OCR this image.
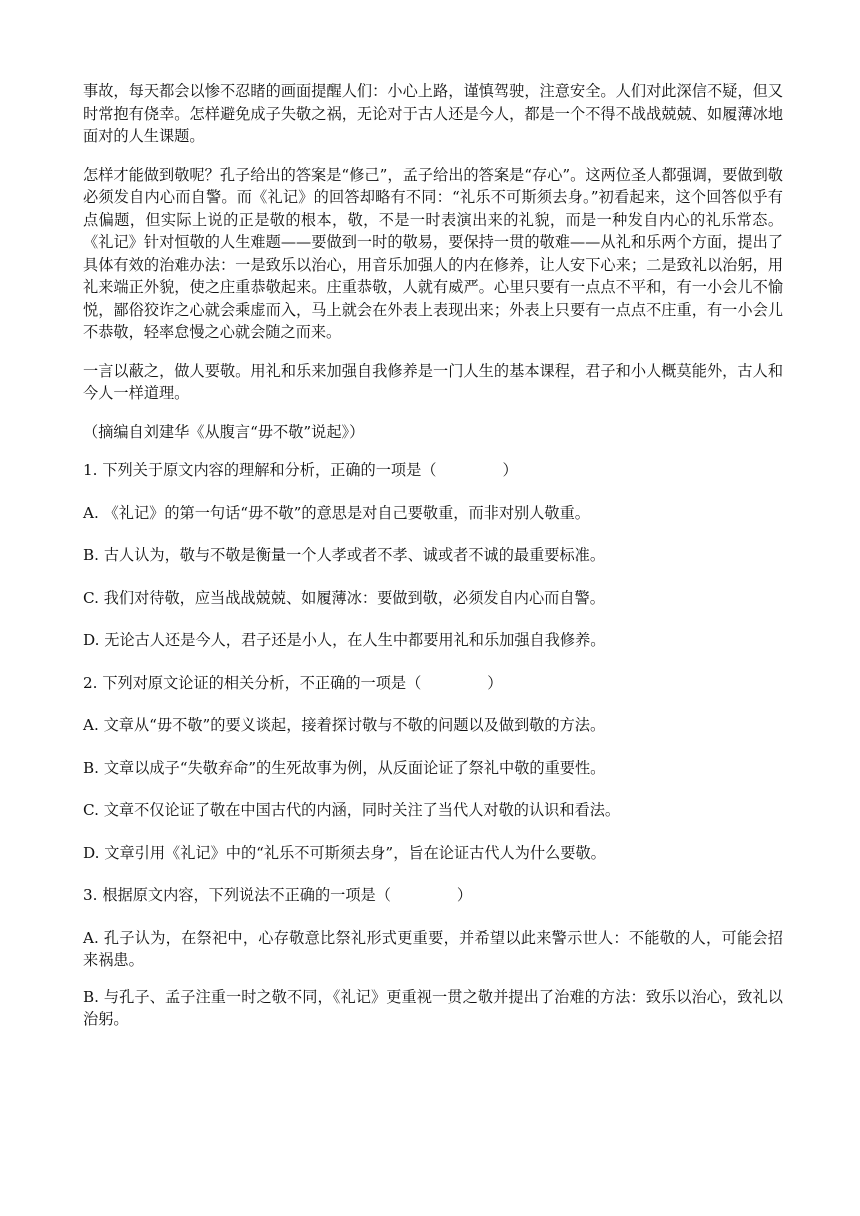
事故，每天都会以惨不忍睹的画面提醒人们：小心上路，谨慎驾驶，注意安全。人们对此深信不疑，但又时常抱有侥幸。怎样避免成子失敬之祸，无论对于古人还是今人，都是一个不得不战战兢兢、如履薄冰地面对的人生课题。

怎样才能做到敬呢？孔子给出的答案是“修己”，孟子给出的答案是“存心”。这两位圣人都强调，要做到敬必须发自内心而自警。而《礼记》的回答却略有不同：“礼乐不可斯须去身。”初看起来，这个回答似乎有点偏题，但实际上说的正是敬的根本，敬，不是一时表演出来的礼貌，而是一种发自内心的礼乐常态。《礼记》针对恒敬的人生难题——要做到一时的敬易，要保持一贯的敬难——从礼和乐两个方面，提出了具体有效的治难办法：一是致乐以治心，用音乐加强人的内在修养，让人安下心来；二是致礼以治躬，用礼来端正外貌，使之庄重恭敬起来。庄重恭敬，人就有威严。心里只要有一点点不平和，有一小会儿不愉悦，鄙俗狡诈之心就会乘虚而入，马上就会在外表上表现出来；外表上只要有一点点不庄重，有一小会儿不恭敬，轻率怠慢之心就会随之而来。

一言以蔽之，做人要敬。用礼和乐来加强自我修养是一门人生的基本课程，君子和小人概莫能外，古人和今人一样道理。

（摘编自刘建华《从腹言“毋不敬”说起》）

1. 下列关于原文内容的理解和分析，正确的一项是（	）

A. 《礼记》的第一句话“毋不敬”的意思是对自己要敬重，而非对别人敬重。

B. 古人认为，敬与不敬是衡量一个人孝或者不孝、诚或者不诚的最重要标准。

C. 我们对待敬，应当战战兢兢、如履薄冰：要做到敬，必须发自内心而自警。

D. 无论古人还是今人，君子还是小人，在人生中都要用礼和乐加强自我修养。

2. 下列对原文论证的相关分析，不正确的一项是（	）

A. 文章从“毋不敬”的要义谈起，接着探讨敬与不敬的问题以及做到敬的方法。

B. 文章以成子“失敬弃命”的生死故事为例，从反面论证了祭礼中敬的重要性。

C. 文章不仅论证了敬在中国古代的内涵，同时关注了当代人对敬的认识和看法。

D. 文章引用《礼记》中的“礼乐不可斯须去身”，旨在论证古代人为什么要敬。

3. 根据原文内容，下列说法不正确的一项是（	）

A. 孔子认为，在祭祀中，心存敬意比祭礼形式更重要，并希望以此来警示世人：不能敬的人，可能会招来祸患。

B. 与孔子、孟子注重一时之敬不同，《礼记》更重视一贯之敬并提出了治难的方法：致乐以治心，致礼以治躬。
